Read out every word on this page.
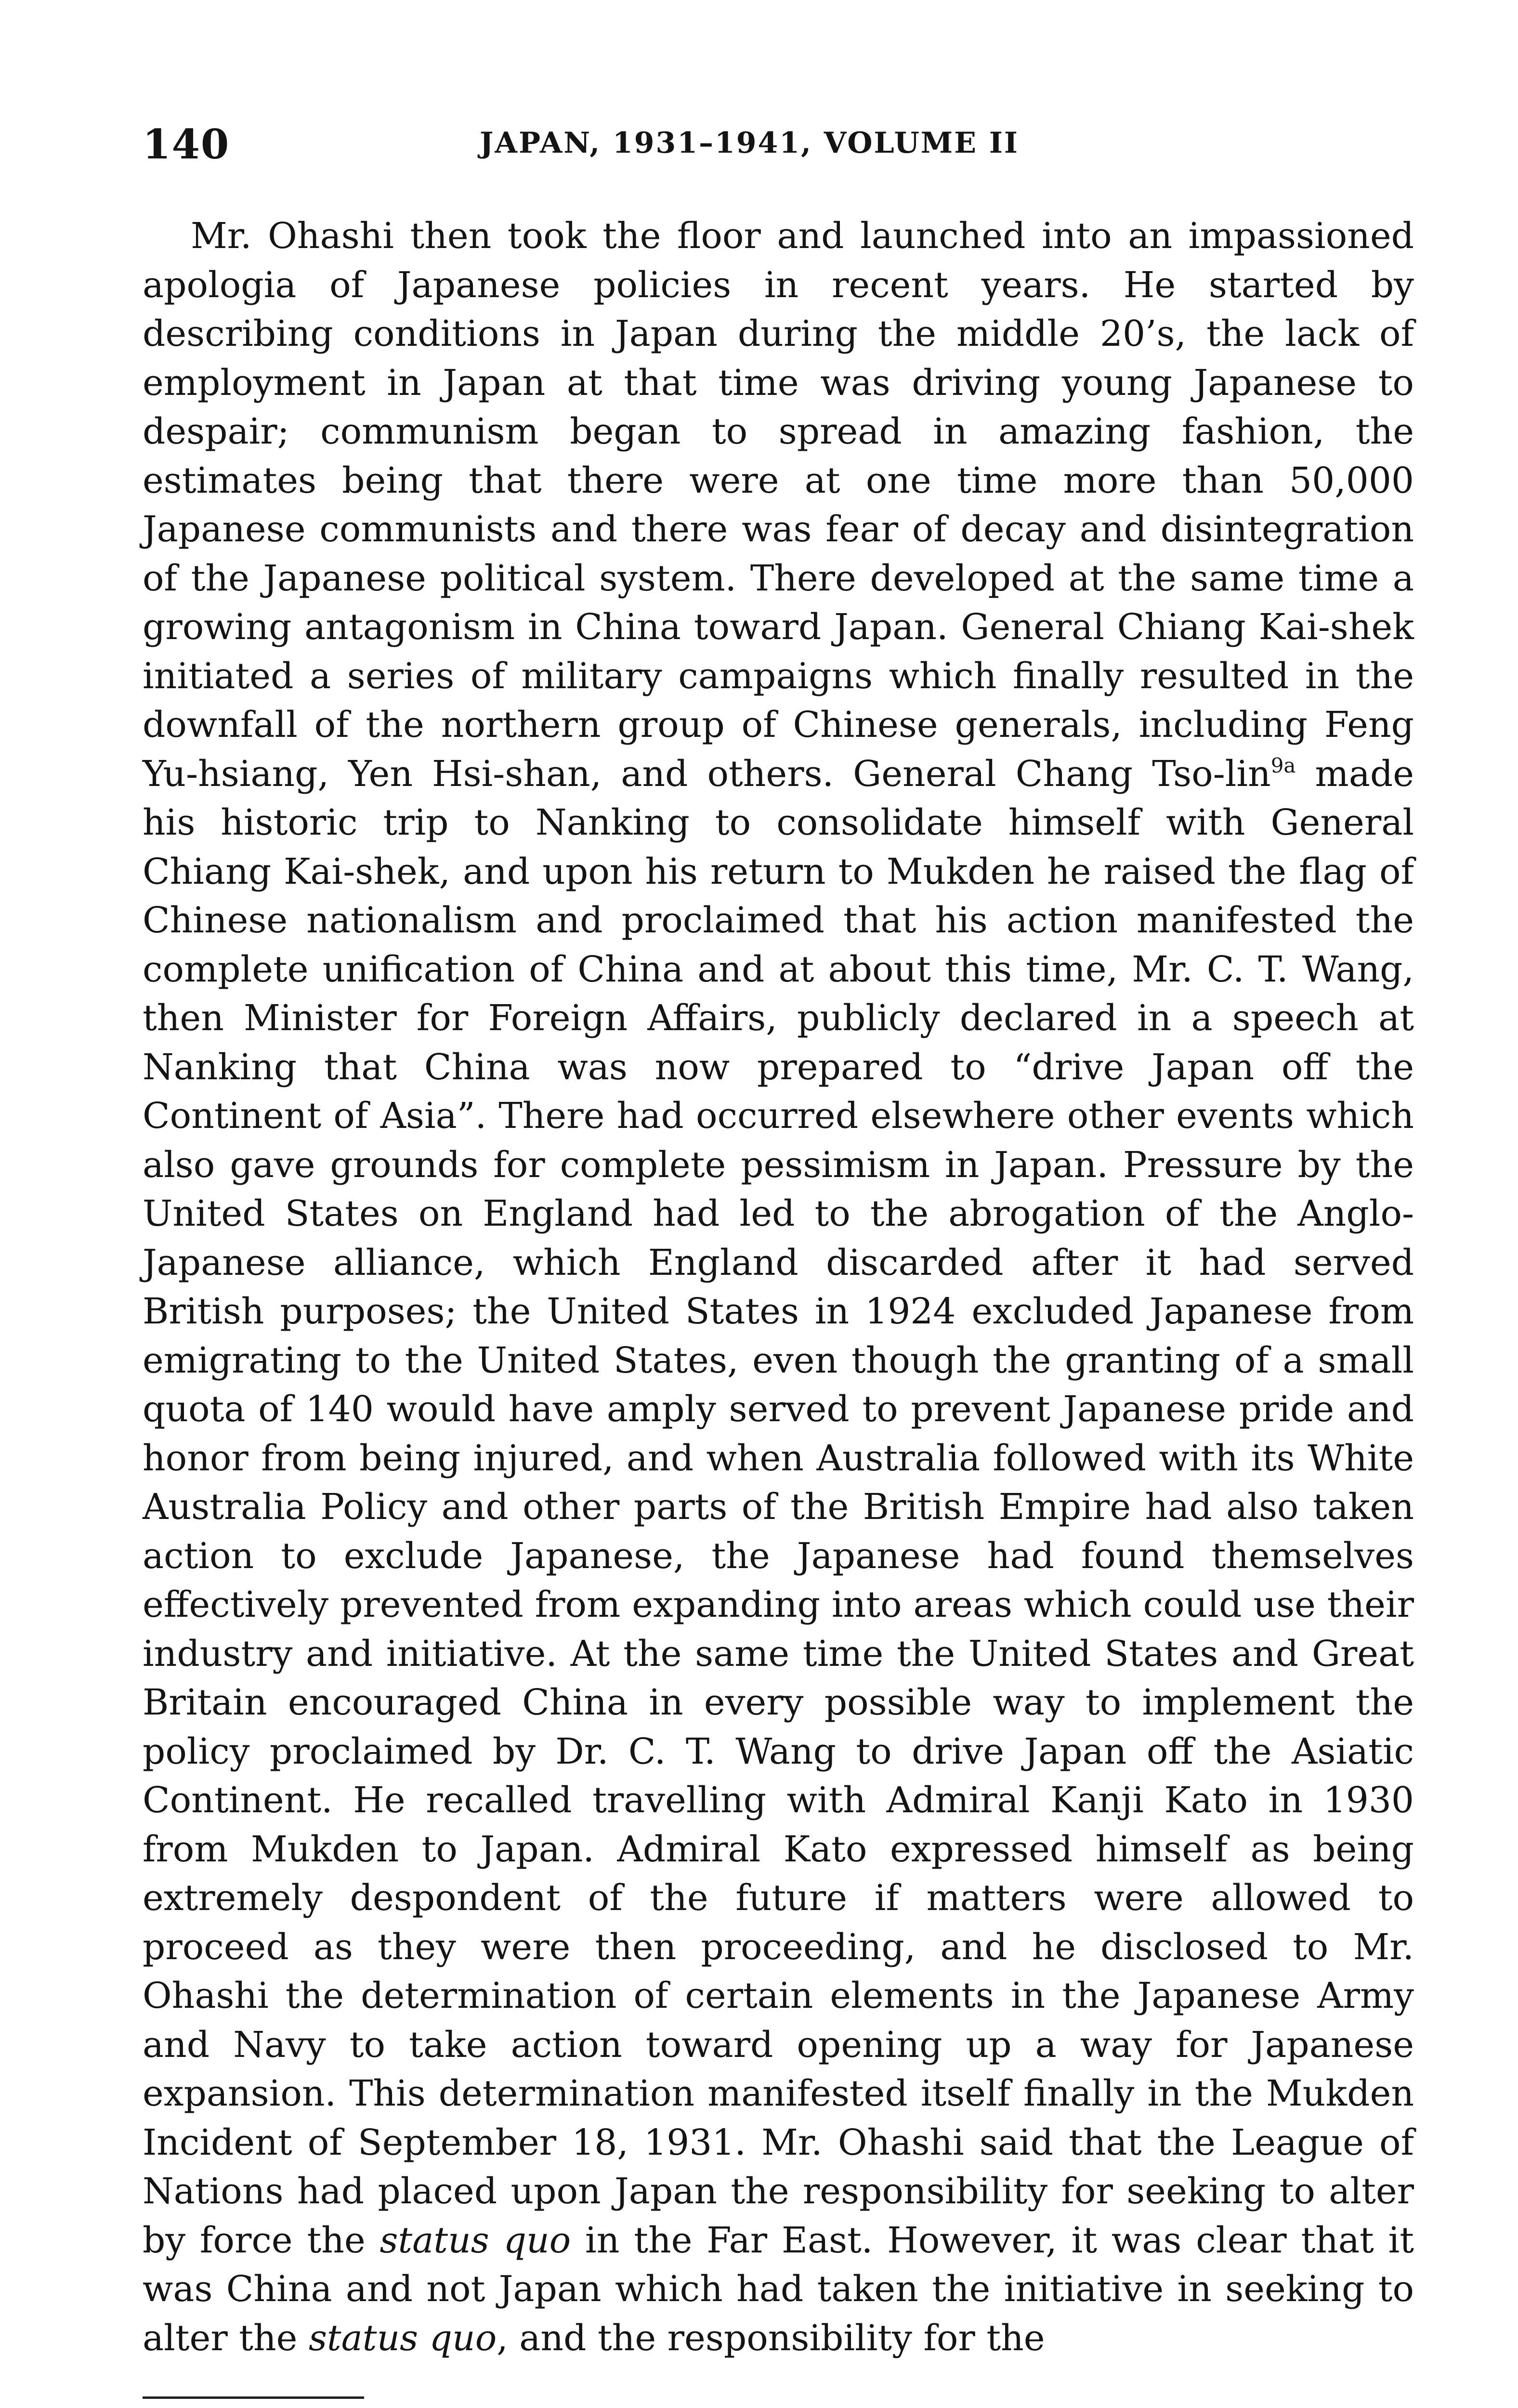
140	JAPAN, 1931–1941, VOLUME II

Mr. Ohashi then took the floor and launched into an impassioned apologia of Japanese policies in recent years. He started by describing conditions in Japan during the middle 20’s, the lack of employment in Japan at that time was driving young Japanese to despair; communism began to spread in amazing fashion, the estimates being that there were at one time more than 50,000 Japanese communists and there was fear of decay and disintegration of the Japanese political system. There developed at the same time a growing antagonism in China toward Japan. General Chiang Kai-shek initiated a series of military campaigns which finally resulted in the downfall of the northern group of Chinese generals, including Feng Yu-hsiang, Yen Hsi-shan, and others. General Chang Tso-lin$^{9a}$ made his historic trip to Nanking to consolidate himself with General Chiang Kai-shek, and upon his return to Mukden he raised the flag of Chinese nationalism and proclaimed that his action manifested the complete unification of China and at about this time, Mr. C. T. Wang, then Minister for Foreign Affairs, publicly declared in a speech at Nanking that China was now prepared to “drive Japan off the Continent of Asia”. There had occurred elsewhere other events which also gave grounds for complete pessimism in Japan. Pressure by the United States on England had led to the abrogation of the Anglo-Japanese alliance, which England discarded after it had served British purposes; the United States in 1924 excluded Japanese from emigrating to the United States, even though the granting of a small quota of 140 would have amply served to prevent Japanese pride and honor from being injured, and when Australia followed with its White Australia Policy and other parts of the British Empire had also taken action to exclude Japanese, the Japanese had found themselves effectively prevented from expanding into areas which could use their industry and initiative. At the same time the United States and Great Britain encouraged China in every possible way to implement the policy proclaimed by Dr. C. T. Wang to drive Japan off the Asiatic Continent. He recalled travelling with Admiral Kanji Kato in 1930 from Mukden to Japan. Admiral Kato expressed himself as being extremely despondent of the future if matters were allowed to proceed as they were then proceeding, and he disclosed to Mr. Ohashi the determination of certain elements in the Japanese Army and Navy to take action toward opening up a way for Japanese expansion. This determination manifested itself finally in the Mukden Incident of September 18, 1931. Mr. Ohashi said that the League of Nations had placed upon Japan the responsibility for seeking to alter by force the status quo in the Far East. However, it was clear that it was China and not Japan which had taken the initiative in seeking to alter the status quo, and the responsibility for the
